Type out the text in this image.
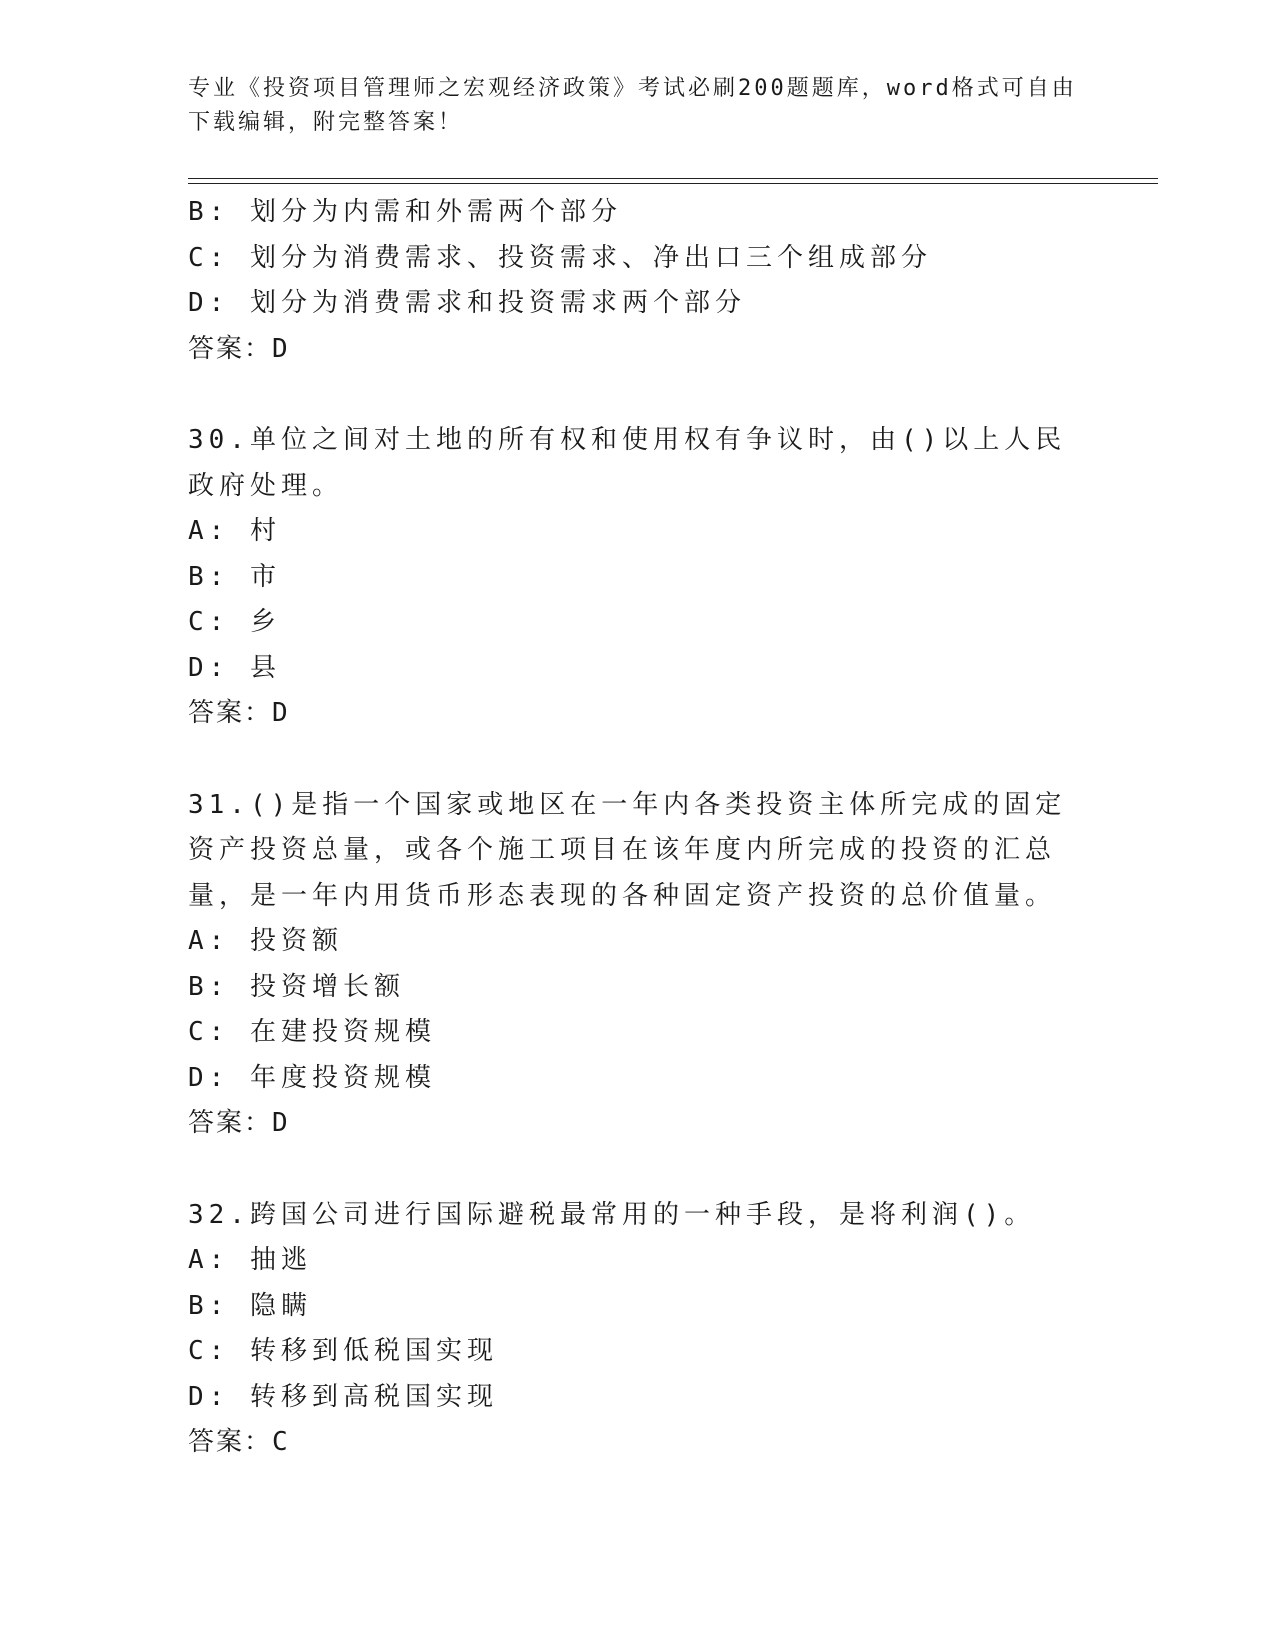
专业《投资项目管理师之宏观经济政策》考试必刷200题题库，word格式可自由下载编辑，附完整答案！
B: 划分为内需和外需两个部分
C: 划分为消费需求、投资需求、净出口三个组成部分
D: 划分为消费需求和投资需求两个部分
答案：D
30.单位之间对土地的所有权和使用权有争议时，由()以上人民政府处理。
A: 村
B: 市
C: 乡
D: 县
答案：D
31.()是指一个国家或地区在一年内各类投资主体所完成的固定资产投资总量，或各个施工项目在该年度内所完成的投资的汇总量，是一年内用货币形态表现的各种固定资产投资的总价值量。
A: 投资额
B: 投资增长额
C: 在建投资规模
D: 年度投资规模
答案：D
32.跨国公司进行国际避税最常用的一种手段，是将利润()。
A: 抽逃
B: 隐瞒
C: 转移到低税国实现
D: 转移到高税国实现
答案：C
